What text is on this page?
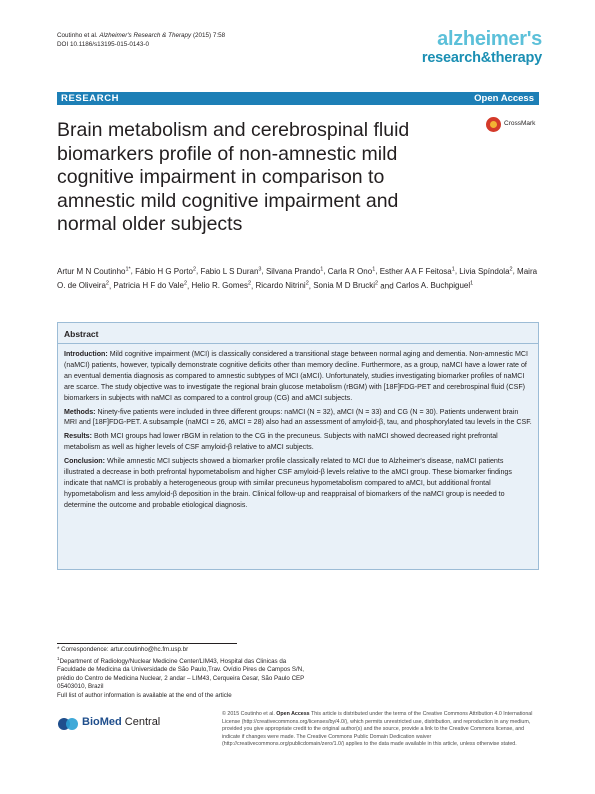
Coutinho et al. Alzheimer's Research & Therapy (2015) 7:58
DOI 10.1186/s13195-015-0143-0	alzheimer's
research&therapy
RESEARCH	Open Access
Brain metabolism and cerebrospinal fluid biomarkers profile of non-amnestic mild cognitive impairment in comparison to amnestic mild cognitive impairment and normal older subjects
CrossMark
Artur M N Coutinho$^{1*}$, Fábio H G Porto$^2$, Fabio L S Duran$^3$, Silvana Prando$^1$, Carla R Ono$^1$, Esther A A F Feitosa$^1$, Livia Spíndola$^2$, Maira O. de Oliveira$^2$, Patricia H F do Vale$^2$, Helio R. Gomes$^2$, Ricardo Nitrini$^2$, Sonia M D Brucki$^2$ and Carlos A. Buchpiguel$^1$
Abstract

Introduction: Mild cognitive impairment (MCI) is classically considered a transitional stage between normal aging and dementia. Non-amnestic MCI (naMCI) patients, however, typically demonstrate cognitive deficits other than memory decline. Furthermore, as a group, naMCI have a lower rate of an eventual dementia diagnosis as compared to amnestic subtypes of MCI (aMCI). Unfortunately, studies investigating biomarker profiles of naMCI are scarce. The study objective was to investigate the regional brain glucose metabolism (rBGM) with [18F]FDG-PET and cerebrospinal fluid (CSF) biomarkers in subjects with naMCI as compared to a control group (CG) and aMCI subjects.

Methods: Ninety-five patients were included in three different groups: naMCI (N = 32), aMCI (N = 33) and CG (N = 30). Patients underwent brain MRI and [18F]FDG-PET. A subsample (naMCI = 26, aMCI = 28) also had an assessment of amyloid-β, tau, and phosphorylated tau levels in the CSF.

Results: Both MCI groups had lower rBGM in relation to the CG in the precuneus. Subjects with naMCI showed decreased right prefrontal metabolism as well as higher levels of CSF amyloid-β relative to aMCI subjects.

Conclusion: While amnestic MCI subjects showed a biomarker profile classically related to MCI due to Alzheimer's disease, naMCI patients illustrated a decrease in both prefrontal hypometabolism and higher CSF amyloid-β levels relative to the aMCI group. These biomarker findings indicate that naMCI is probably a heterogeneous group with similar precuneus hypometabolism compared to aMCI, but additional frontal hypometabolism and less amyloid-β deposition in the brain. Clinical follow-up and reappraisal of biomarkers of the naMCI group is needed to determine the outcome and probable etiological diagnosis.

* Correspondence: artur.coutinho@hc.fm.usp.br
$^1$Department of Radiology/Nuclear Medicine Center/LIM43, Hospital das Clinicas da Faculdade de Medicina da Universidade de São Paulo,Trav. Ovídio Pires de Campos S/N, prédio do Centro de Medicina Nuclear, 2 andar – LIM43, Cerqueira Cesar, São Paulo CEP 05403010, Brazil
Full list of author information is available at the end of the article
BioMed Central
© 2015 Coutinho et al. Open Access This article is distributed under the terms of the Creative Commons Attribution 4.0 International License (http://creativecommons.org/licenses/by/4.0/), which permits unrestricted use, distribution, and reproduction in any medium, provided you give appropriate credit to the original author(s) and the source, provide a link to the Creative Commons license, and indicate if changes were made. The Creative Commons Public Domain Dedication waiver (http://creativecommons.org/publicdomain/zero/1.0/) applies to the data made available in this article, unless otherwise stated.
